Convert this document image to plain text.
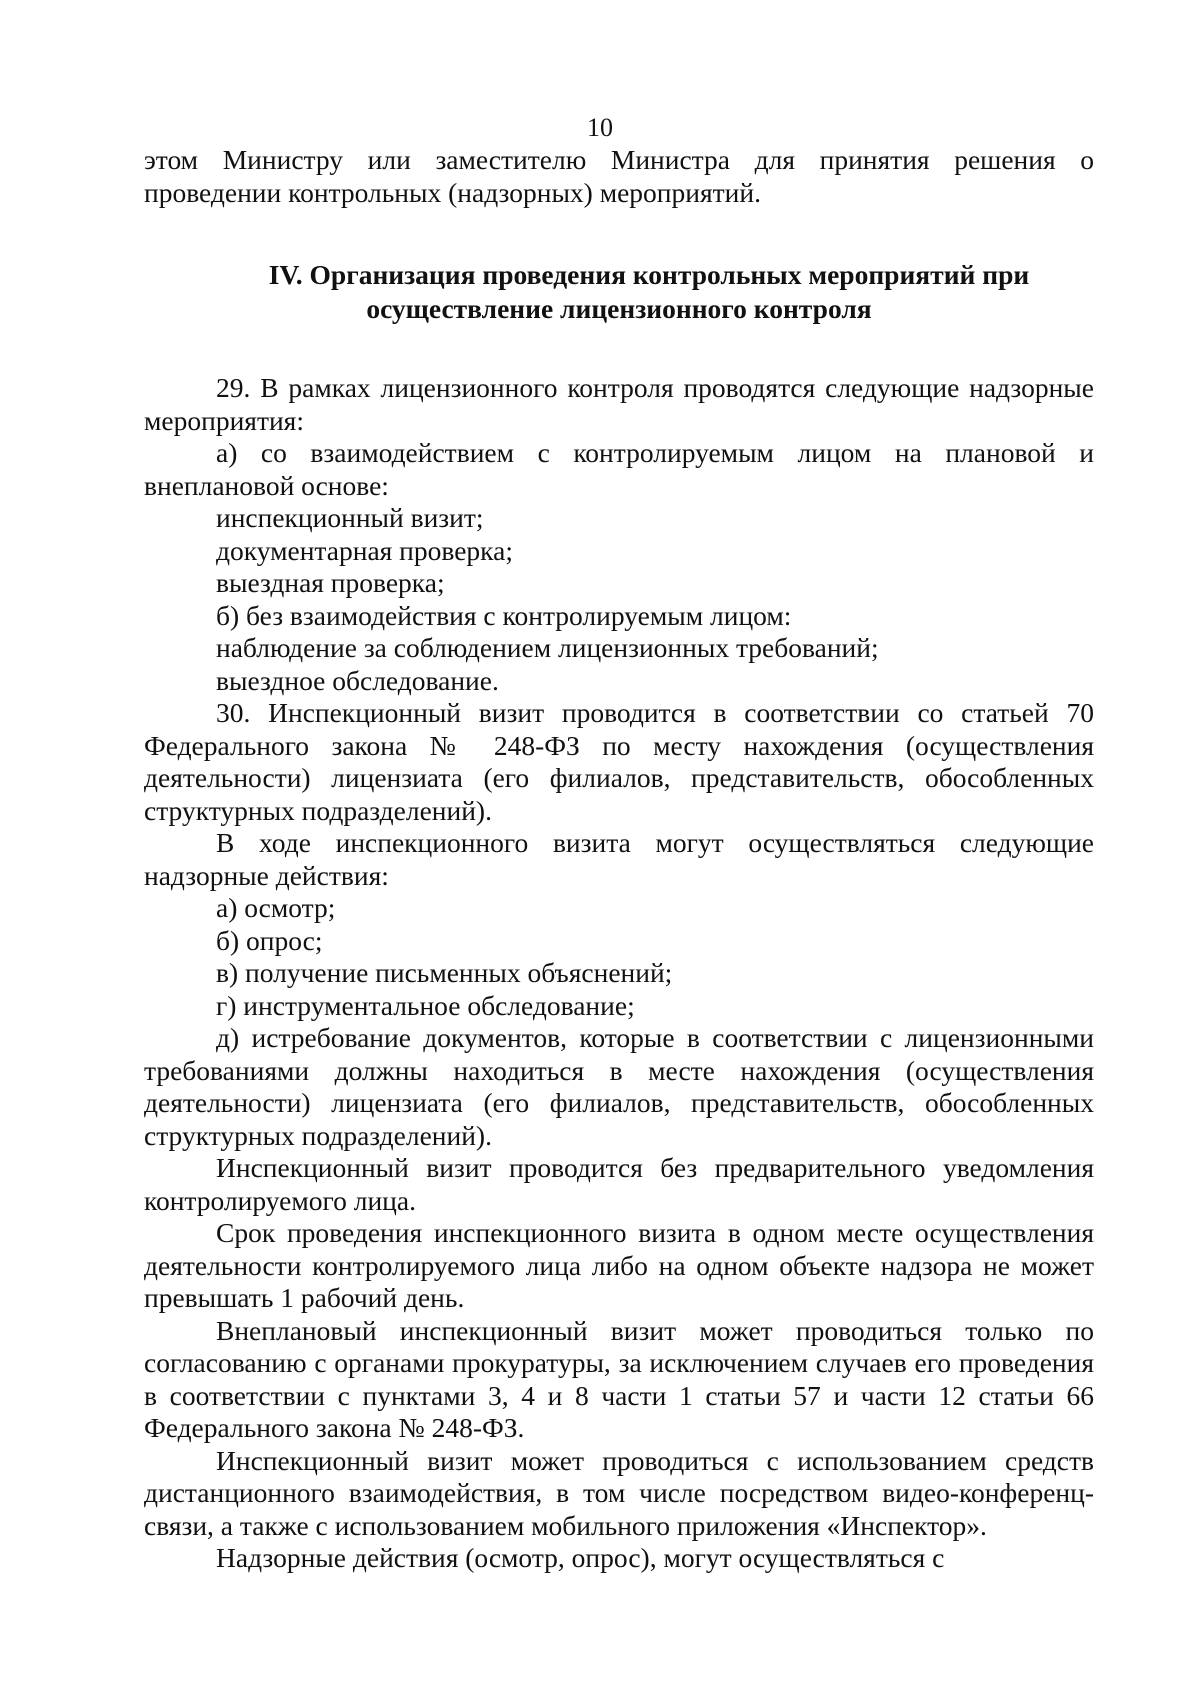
10

этом Министру или заместителю Министра для принятия решения о проведении контрольных (надзорных) мероприятий.

IV. Организация проведения контрольных мероприятий при
осуществление лицензионного контроля

29. В рамках лицензионного контроля проводятся следующие надзорные мероприятия:

а) со взаимодействием с контролируемым лицом на плановой и внеплановой основе:

инспекционный визит;

документарная проверка;

выездная проверка;

б) без взаимодействия с контролируемым лицом:

наблюдение за соблюдением лицензионных требований;

выездное обследование.

30. Инспекционный визит проводится в соответствии со статьей 70 Федерального закона № 248-ФЗ по месту нахождения (осуществления деятельности) лицензиата (его филиалов, представительств, обособленных структурных подразделений).

В ходе инспекционного визита могут осуществляться следующие надзорные действия:

а) осмотр;

б) опрос;

в) получение письменных объяснений;

г) инструментальное обследование;

д) истребование документов, которые в соответствии с лицензионными требованиями должны находиться в месте нахождения (осуществления деятельности) лицензиата (его филиалов, представительств, обособленных структурных подразделений).

Инспекционный визит проводится без предварительного уведомления контролируемого лица.

Срок проведения инспекционного визита в одном месте осуществления деятельности контролируемого лица либо на одном объекте надзора не может превышать 1 рабочий день.

Внеплановый инспекционный визит может проводиться только по согласованию с органами прокуратуры, за исключением случаев его проведения в соответствии с пунктами 3, 4 и 8 части 1 статьи 57 и части 12 статьи 66 Федерального закона № 248-ФЗ.

Инспекционный визит может проводиться с использованием средств дистанционного взаимодействия, в том числе посредством видео-конференц-связи, а также с использованием мобильного приложения «Инспектор».

Надзорные действия (осмотр, опрос), могут осуществляться с
